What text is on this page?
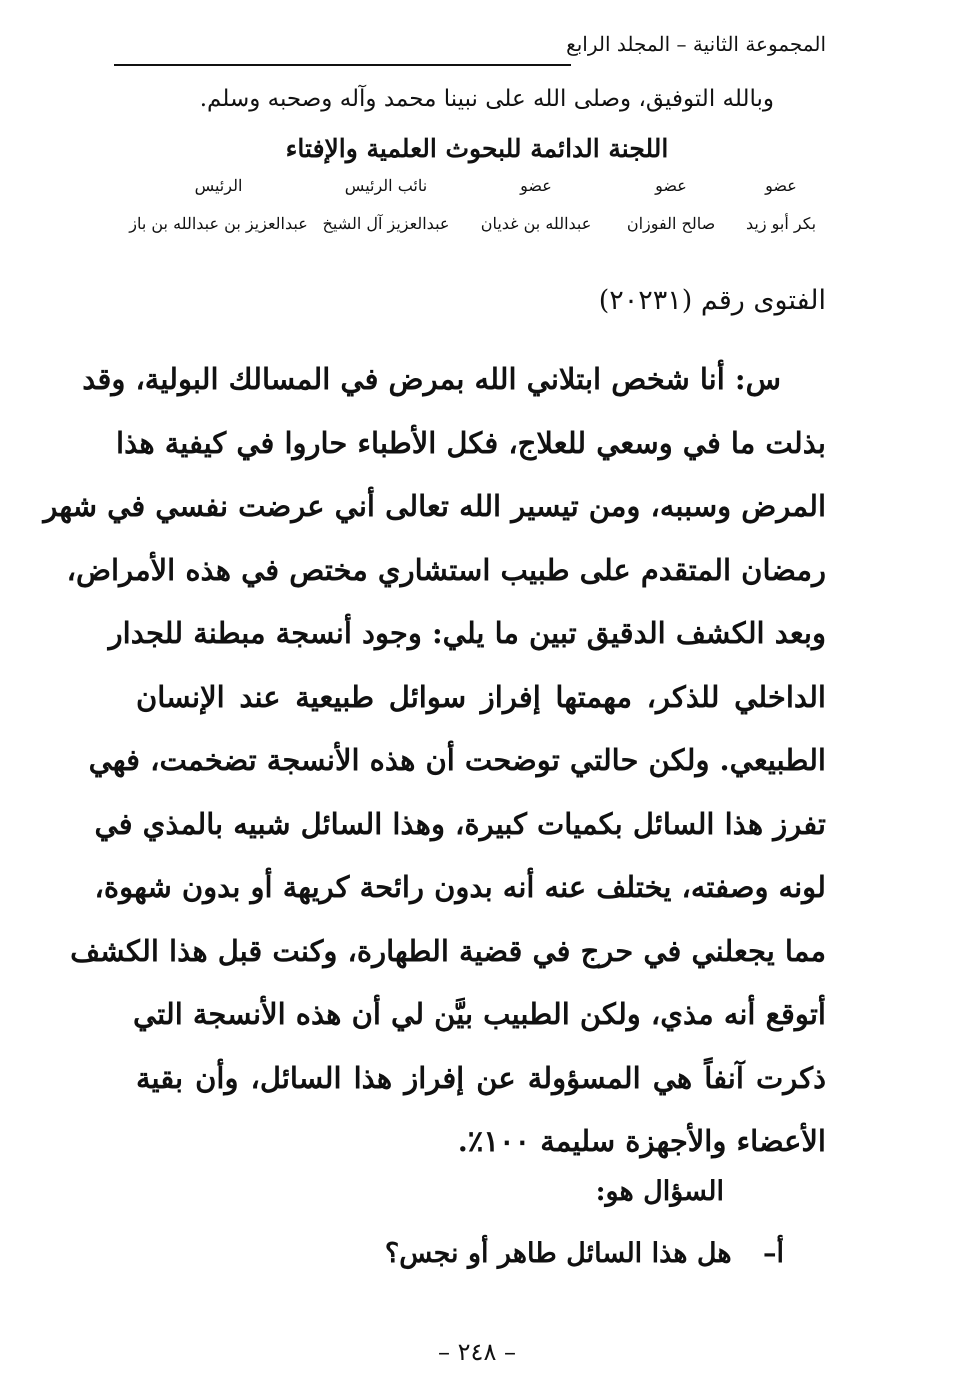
المجموعة الثانية – المجلد الرابع
وبالله التوفيق، وصلى الله على نبينا محمد وآله وصحبه وسلم.
اللجنة الدائمة للبحوث العلمية والإفتاء
عضو
بكر أبو زيد
عضو
صالح الفوزان
عضو
عبدالله بن غديان
نائب الرئيس
عبدالعزيز آل الشيخ
الرئيس
عبدالعزيز بن عبدالله بن باز
الفتوى رقم (٢٠٢٣١)
س: أنا شخص ابتلاني الله بمرض في المسالك البولية، وقد
بذلت ما في وسعي للعلاج، فكل الأطباء حاروا في كيفية هذا
المرض وسببه، ومن تيسير الله تعالى أني عرضت نفسي في شهر
رمضان المتقدم على طبيب استشاري مختص في هذه الأمراض،
وبعد الكشف الدقيق تبين ما يلي: وجود أنسجة مبطنة للجدار
الداخلي للذكر، مهمتها إفراز سوائل طبيعية عند الإنسان
الطبيعي. ولكن حالتي توضحت أن هذه الأنسجة تضخمت، فهي
تفرز هذا السائل بكميات كبيرة، وهذا السائل شبيه بالمذي في
لونه وصفته، يختلف عنه أنه بدون رائحة كريهة أو بدون شهوة،
مما يجعلني في حرج في قضية الطهارة، وكنت قبل هذا الكشف
أتوقع أنه مذي، ولكن الطبيب بيَّن لي أن هذه الأنسجة التي
ذكرت آنفاً هي المسؤولة عن إفراز هذا السائل، وأن بقية
الأعضاء والأجهزة سليمة ١٠٠٪.
السؤال هو:
أ– هل هذا السائل طاهر أو نجس؟
– ٢٤٨ –
